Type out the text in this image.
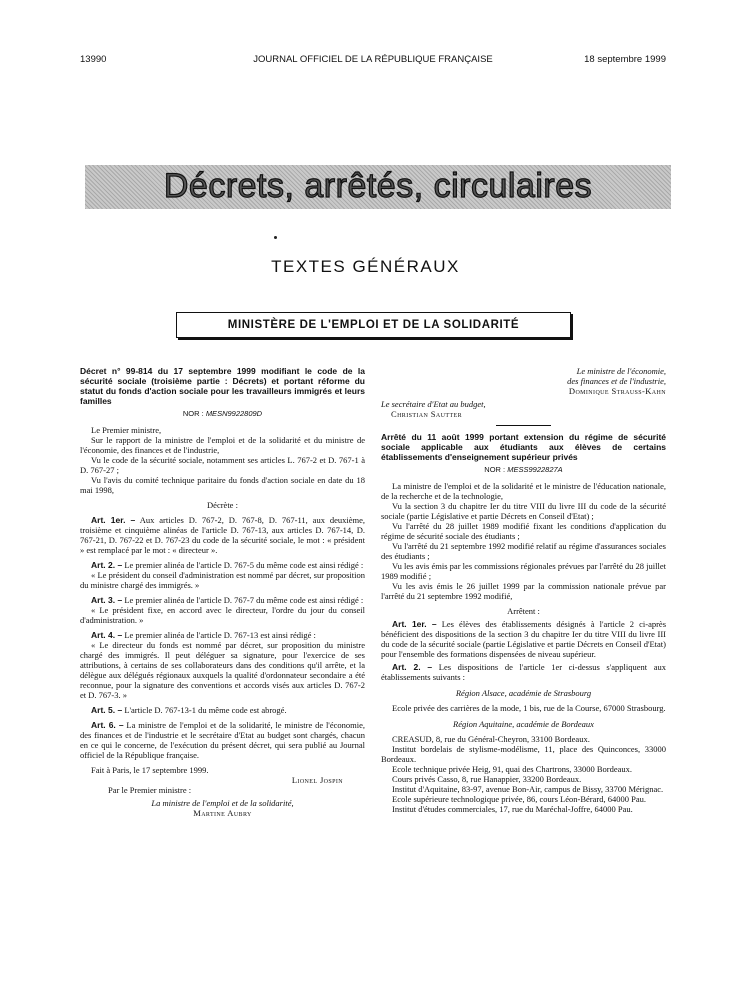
13990	JOURNAL OFFICIEL DE LA RÉPUBLIQUE FRANÇAISE	18 septembre 1999
Décrets, arrêtés, circulaires
TEXTES GÉNÉRAUX
MINISTÈRE DE L'EMPLOI ET DE LA SOLIDARITÉ
Décret n° 99-814 du 17 septembre 1999 modifiant le code de la sécurité sociale (troisième partie : Décrets) et portant réforme du statut du fonds d'action sociale pour les travailleurs immigrés et leurs familles
NOR : MESN9922809D

Le Premier ministre,

Sur le rapport de la ministre de l'emploi et de la solidarité et du ministre de l'économie, des finances et de l'industrie,

Vu le code de la sécurité sociale, notamment ses articles L. 767-2 et D. 767-1 à D. 767-27 ;

Vu l'avis du comité technique paritaire du fonds d'action sociale en date du 18 mai 1998,

Décrète :

Art. 1er. – Aux articles D. 767-2, D. 767-8, D. 767-11, aux deuxième, troisième et cinquième alinéas de l'article D. 767-13, aux articles D. 767-14, D. 767-21, D. 767-22 et D. 767-23 du code de la sécurité sociale, le mot : « président » est remplacé par le mot : « directeur ».

Art. 2. – Le premier alinéa de l'article D. 767-5 du même code est ainsi rédigé :

« Le président du conseil d'administration est nommé par décret, sur proposition du ministre chargé des immigrés. »

Art. 3. – Le premier alinéa de l'article D. 767-7 du même code est ainsi rédigé :

« Le président fixe, en accord avec le directeur, l'ordre du jour du conseil d'administration. »

Art. 4. – Le premier alinéa de l'article D. 767-13 est ainsi rédigé :

« Le directeur du fonds est nommé par décret, sur proposition du ministre chargé des immigrés. Il peut déléguer sa signature, pour l'exercice de ses attributions, à certains de ses collaborateurs dans des conditions qu'il arrête, et la délègue aux délégués régionaux auxquels la qualité d'ordonnateur secondaire a été reconnue, pour la signature des conventions et accords visés aux articles D. 767-2 et D. 767-3. »

Art. 5. – L'article D. 767-13-1 du même code est abrogé.

Art. 6. – La ministre de l'emploi et de la solidarité, le ministre de l'économie, des finances et de l'industrie et le secrétaire d'Etat au budget sont chargés, chacun en ce qui le concerne, de l'exécution du présent décret, qui sera publié au Journal officiel de la République française.

Fait à Paris, le 17 septembre 1999.

Lionel Jospin

Par le Premier ministre :

La ministre de l'emploi et de la solidarité,

Martine Aubry

Le ministre de l'économie,

des finances et de l'industrie,

Dominique Strauss-Kahn

Le secrétaire d'Etat au budget,

Christian Sautter

Arrêté du 11 août 1999 portant extension du régime de sécurité sociale applicable aux étudiants aux élèves de certains établissements d'enseignement supérieur privés
NOR : MESS9922827A

La ministre de l'emploi et de la solidarité et le ministre de l'éducation nationale, de la recherche et de la technologie,

Vu la section 3 du chapitre Ier du titre VIII du livre III du code de la sécurité sociale (partie Législative et partie Décrets en Conseil d'Etat) ;

Vu l'arrêté du 28 juillet 1989 modifié fixant les conditions d'application du régime de sécurité sociale des étudiants ;

Vu l'arrêté du 21 septembre 1992 modifié relatif au régime d'assurances sociales des étudiants ;

Vu les avis émis par les commissions régionales prévues par l'arrêté du 28 juillet 1989 modifié ;

Vu les avis émis le 26 juillet 1999 par la commission nationale prévue par l'arrêté du 21 septembre 1992 modifié,

Arrêtent :

Art. 1er. – Les élèves des établissements désignés à l'article 2 ci-après bénéficient des dispositions de la section 3 du chapitre Ier du titre VIII du livre III du code de la sécurité sociale (partie Législative et partie Décrets en Conseil d'Etat) pour l'ensemble des formations dispensées de niveau supérieur.

Art. 2. – Les dispositions de l'article 1er ci-dessus s'appliquent aux établissements suivants :

Région Alsace, académie de Strasbourg

Ecole privée des carrières de la mode, 1 bis, rue de la Course, 67000 Strasbourg.

Région Aquitaine, académie de Bordeaux

CREASUD, 8, rue du Général-Cheyron, 33100 Bordeaux.

Institut bordelais de stylisme-modélisme, 11, place des Quinconces, 33000 Bordeaux.

Ecole technique privée Heig, 91, quai des Chartrons, 33000 Bordeaux.

Cours privés Casso, 8, rue Hanappier, 33200 Bordeaux.

Institut d'Aquitaine, 83-97, avenue Bon-Air, campus de Bissy, 33700 Mérignac.

Ecole supérieure technologique privée, 86, cours Léon-Bérard, 64000 Pau.

Institut d'études commerciales, 17, rue du Maréchal-Joffre, 64000 Pau.
